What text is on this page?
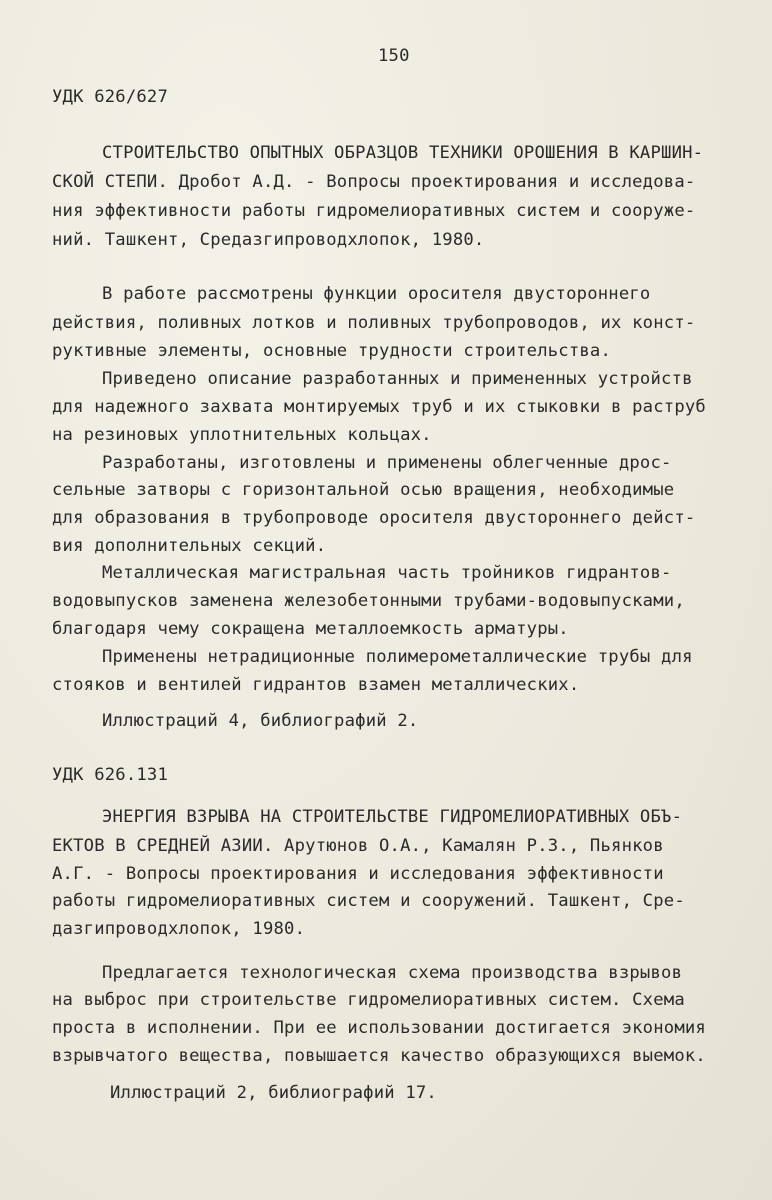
150

УДК 626/627

СТРОИТЕЛЬСТВО ОПЫТНЫХ ОБРАЗЦОВ ТЕХНИКИ ОРОШЕНИЯ В КАРШИН-

СКОЙ СТЕПИ. Дробот А.Д. - Вопросы проектирования и исследова-

ния эффективности работы гидромелиоративных систем и сооруже-

ний. Ташкент, Средазгипроводхлопок, 1980.

В работе рассмотрены функции оросителя двустороннего

действия, поливных лотков и поливных трубопроводов, их конст-

руктивные элементы, основные трудности строительства.

Приведено описание разработанных и примененных устройств

для надежного захвата монтируемых труб и их стыковки в раструб

на резиновых уплотнительных кольцах.

Разработаны, изготовлены и применены облегченные дрос-

сельные затворы с горизонтальной осью вращения, необходимые

для образования в трубопроводе оросителя двустороннего дейст-

вия дополнительных секций.

Металлическая магистральная часть тройников гидрантов-

водовыпусков заменена железобетонными трубами-водовыпусками,

благодаря чему сокращена металлоемкость арматуры.

Применены нетрадиционные полимерометаллические трубы для

стояков и вентилей гидрантов взамен металлических.

Иллюстраций 4, библиографий 2.

УДК 626.131

ЭНЕРГИЯ ВЗРЫВА НА СТРОИТЕЛЬСТВЕ ГИДРОМЕЛИОРАТИВНЫХ ОБЪ-

ЕКТОВ В СРЕДНЕЙ АЗИИ. Арутюнов О.А., Камалян Р.З., Пьянков

А.Г. - Вопросы проектирования и исследования эффективности

работы гидромелиоративных систем и сооружений. Ташкент, Сре-

дазгипроводхлопок, 1980.

Предлагается технологическая схема производства взрывов

на выброс при строительстве гидромелиоративных систем. Схема

проста в исполнении. При ее использовании достигается экономия

взрывчатого вещества, повышается качество образующихся выемок.

Иллюстраций 2, библиографий 17.
